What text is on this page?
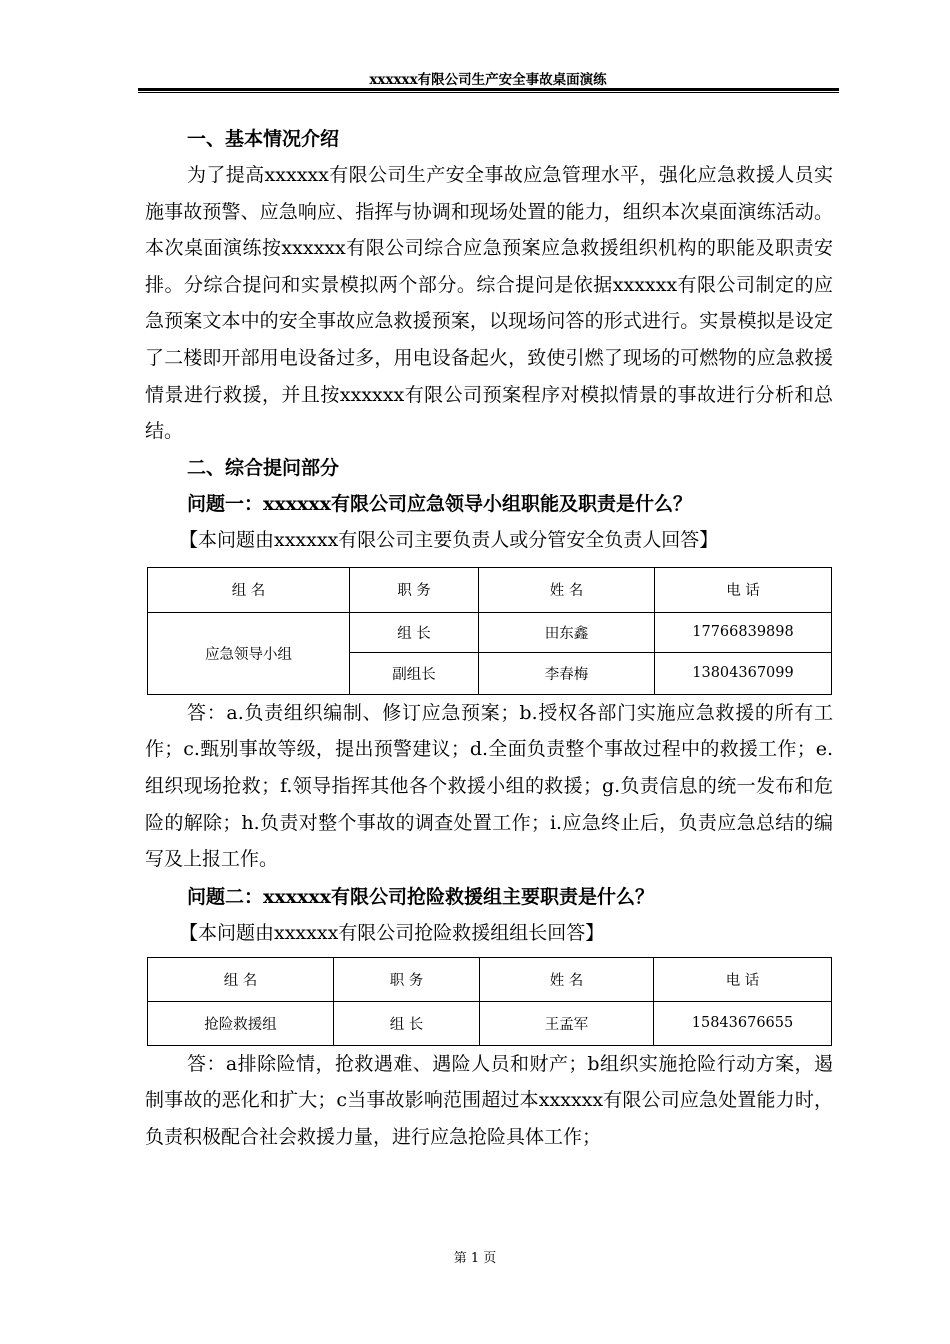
xxxxxx有限公司生产安全事故桌面演练
一、基本情况介绍
为了提高xxxxxx有限公司生产安全事故应急管理水平，强化应急救援人员实施事故预警、应急响应、指挥与协调和现场处置的能力，组织本次桌面演练活动。本次桌面演练按xxxxxx有限公司综合应急预案应急救援组织机构的职能及职责安排。分综合提问和实景模拟两个部分。综合提问是依据xxxxxx有限公司制定的应急预案文本中的安全事故应急救援预案，以现场问答的形式进行。实景模拟是设定了二楼即开部用电设备过多，用电设备起火，致使引燃了现场的可燃物的应急救援情景进行救援，并且按xxxxxx有限公司预案程序对模拟情景的事故进行分析和总结。
二、综合提问部分
问题一：xxxxxx有限公司应急领导小组职能及职责是什么？
【本问题由xxxxxx有限公司主要负责人或分管安全负责人回答】
组 名	职 务	姓 名	电 话
应急领导小组	组 长	田东鑫	17766839898
	副组长	李春梅	13804367099
答：a.负责组织编制、修订应急预案；b.授权各部门实施应急救援的所有工作；c.甄别事故等级，提出预警建议；d.全面负责整个事故过程中的救援工作；e.组织现场抢救；f.领导指挥其他各个救援小组的救援；g.负责信息的统一发布和危险的解除；h.负责对整个事故的调查处置工作；i.应急终止后，负责应急总结的编写及上报工作。
问题二：xxxxxx有限公司抢险救援组主要职责是什么？
【本问题由xxxxxx有限公司抢险救援组组长回答】
组 名	职 务	姓 名	电 话
抢险救援组	组 长	王孟军	15843676655
答：a排除险情，抢救遇难、遇险人员和财产；b组织实施抢险行动方案，遏制事故的恶化和扩大；c当事故影响范围超过本xxxxxx有限公司应急处置能力时，负责积极配合社会救援力量，进行应急抢险具体工作；
第 1 页
